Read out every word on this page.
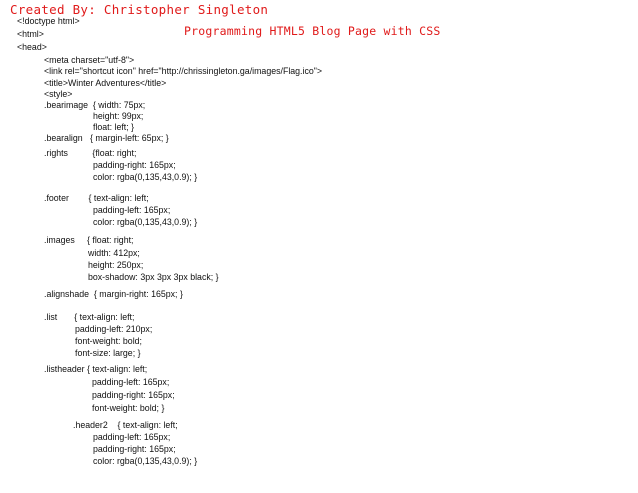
Created By: Christopher Singleton
Programming HTML5 Blog Page with CSS
<!doctype html>
<html>
<head>
<meta charset="utf-8">
<link rel="shortcut icon" href="http://chrissingleton.ga/images/Flag.ico">
<title>Winter Adventures</title>
<style>
.bearimage  { width: 75px;
height: 99px;
float: left; }
.bearalign   { margin-left: 65px; }
.rights          {float: right;
padding-right: 165px;
color: rgba(0,135,43,0.9); }
.footer        { text-align: left;
padding-left: 165px;
color: rgba(0,135,43,0.9); }
.images     { float: right;
width: 412px;
height: 250px;
box-shadow: 3px 3px 3px black; }
.alignshade  { margin-right: 165px; }
.list       { text-align: left;
padding-left: 210px;
font-weight: bold;
font-size: large; }
.listheader { text-align: left;
padding-left: 165px;
padding-right: 165px;
font-weight: bold; }
.header2    { text-align: left;
padding-left: 165px;
padding-right: 165px;
color: rgba(0,135,43,0.9); }
